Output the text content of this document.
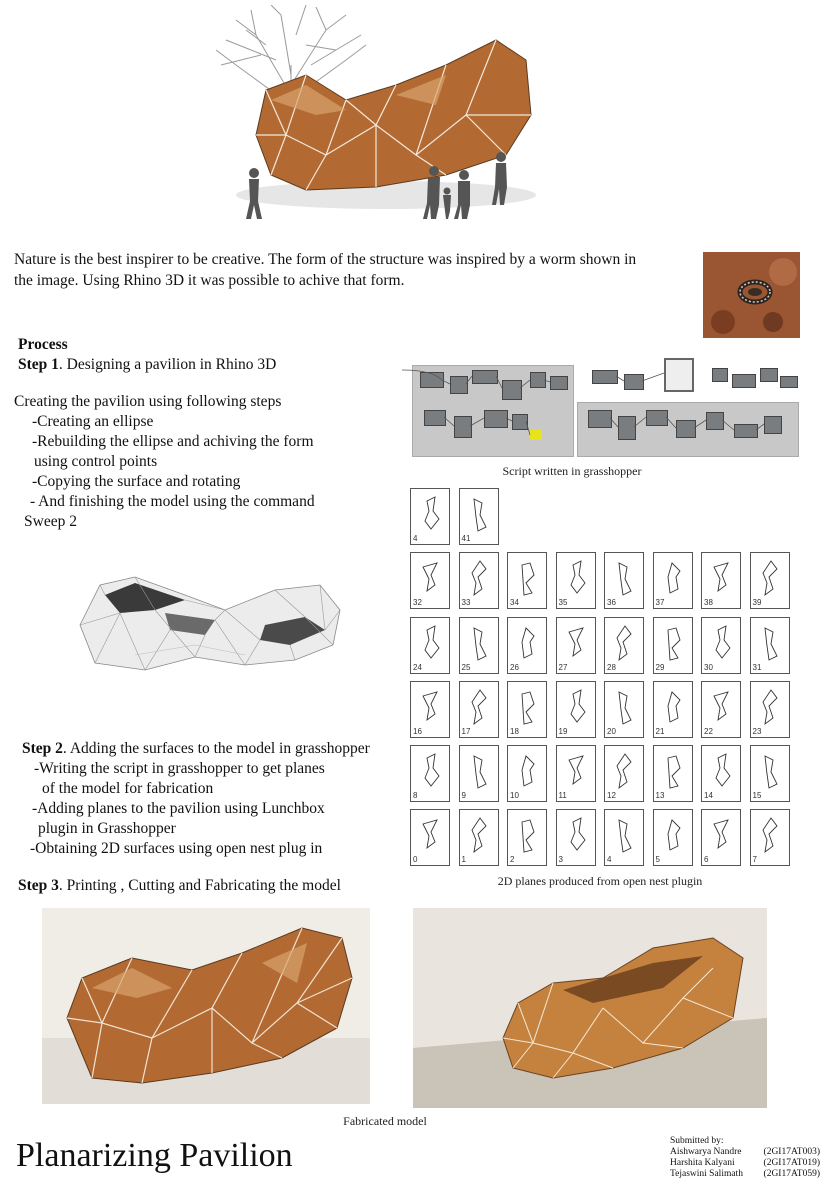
Nature is the best inspirer to be creative. The form of the structure was inspired by a worm shown in
the image. Using Rhino 3D it was possible to achive that form.
Process
Step 1. Designing a pavilion in Rhino 3D
Creating the pavilion using following steps
-Creating an ellipse
-Rebuilding the ellipse and achiving the form
using control points
-Copying the surface and rotating
- And finishing the model using the command
Sweep 2
Script written in grasshopper
Step 2. Adding the surfaces to the model in grasshopper
-Writing the script in grasshopper to get planes
of the model for fabrication
-Adding planes to the pavilion using Lunchbox
plugin in Grasshopper
-Obtaining 2D surfaces using open nest plug in
Step 3. Printing , Cutting and Fabricating the model
4	41
32	33	34	35	36	37	38	39
24	25	26	27	28	29	30	31
16	17	18	19	20	21	22	23
8	9	10	11	12	13	14	15
0	1	2	3	4	5	6	7
2D planes produced from open nest plugin
Fabricated model
Planarizing Pavilion	Submitted by:
Aishwarya Nandre (2GI17AT003)
Harshita Kalyani	(2GI17AT019)
Tejaswini Salimath (2GI17AT059)
